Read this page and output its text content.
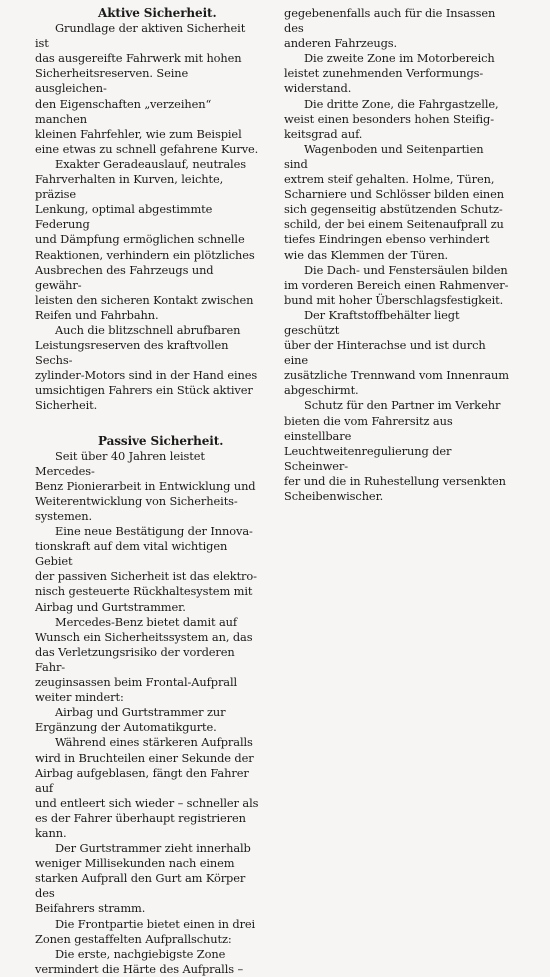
Aktive Sicherheit.

Grundlage der aktiven Sicherheit ist
das ausgereifte Fahrwerk mit hohen
Sicherheitsreserven. Seine ausgleichen-
den Eigenschaften „verzeihen“ manchen
kleinen Fahrfehler, wie zum Beispiel
eine etwas zu schnell gefahrene Kurve.

Exakter Geradeauslauf, neutrales
Fahrverhalten in Kurven, leichte, präzise
Lenkung, optimal abgestimmte Federung
und Dämpfung ermöglichen schnelle
Reaktionen, verhindern ein plötzliches
Ausbrechen des Fahrzeugs und gewähr-
leisten den sicheren Kontakt zwischen
Reifen und Fahrbahn.

Auch die blitzschnell abrufbaren
Leistungsreserven des kraftvollen Sechs-
zylinder-Motors sind in der Hand eines
umsichtigen Fahrers ein Stück aktiver
Sicherheit.

Passive Sicherheit.

Seit über 40 Jahren leistet Mercedes-
Benz Pionierarbeit in Entwicklung und
Weiterentwicklung von Sicherheits-
systemen.

Eine neue Bestätigung der Innova-
tionskraft auf dem vital wichtigen Gebiet
der passiven Sicherheit ist das elektro-
nisch gesteuerte Rückhaltesystem mit
Airbag und Gurtstrammer.

Mercedes-Benz bietet damit auf
Wunsch ein Sicherheitssystem an, das
das Verletzungsrisiko der vorderen Fahr-
zeuginsassen beim Frontal-Aufprall
weiter mindert:

Airbag und Gurtstrammer zur
Ergänzung der Automatikgurte.

Während eines stärkeren Aufpralls
wird in Bruchteilen einer Sekunde der
Airbag aufgeblasen, fängt den Fahrer auf
und entleert sich wieder – schneller als
es der Fahrer überhaupt registrieren
kann.

Der Gurtstrammer zieht innerhalb
weniger Millisekunden nach einem
starken Aufprall den Gurt am Körper des
Beifahrers stramm.

Die Frontpartie bietet einen in drei
Zonen gestaffelten Aufprallschutz:

Die erste, nachgiebigste Zone
vermindert die Härte des Aufpralls –

gegebenenfalls auch für die Insassen des
anderen Fahrzeugs.

Die zweite Zone im Motorbereich
leistet zunehmenden Verformungs-
widerstand.

Die dritte Zone, die Fahrgastzelle,
weist einen besonders hohen Steifig-
keitsgrad auf.

Wagenboden und Seitenpartien sind
extrem steif gehalten. Holme, Türen,
Scharniere und Schlösser bilden einen
sich gegenseitig abstützenden Schutz-
schild, der bei einem Seitenaufprall zu
tiefes Eindringen ebenso verhindert
wie das Klemmen der Türen.

Die Dach- und Fenstersäulen bilden
im vorderen Bereich einen Rahmenver-
bund mit hoher Überschlagsfestigkeit.

Der Kraftstoffbehälter liegt geschützt
über der Hinterachse und ist durch eine
zusätzliche Trennwand vom Innenraum
abgeschirmt.

Schutz für den Partner im Verkehr
bieten die vom Fahrersitz aus einstellbare
Leuchtweitenregulierung der Scheinwer-
fer und die in Ruhestellung versenkten
Scheibenwischer.
